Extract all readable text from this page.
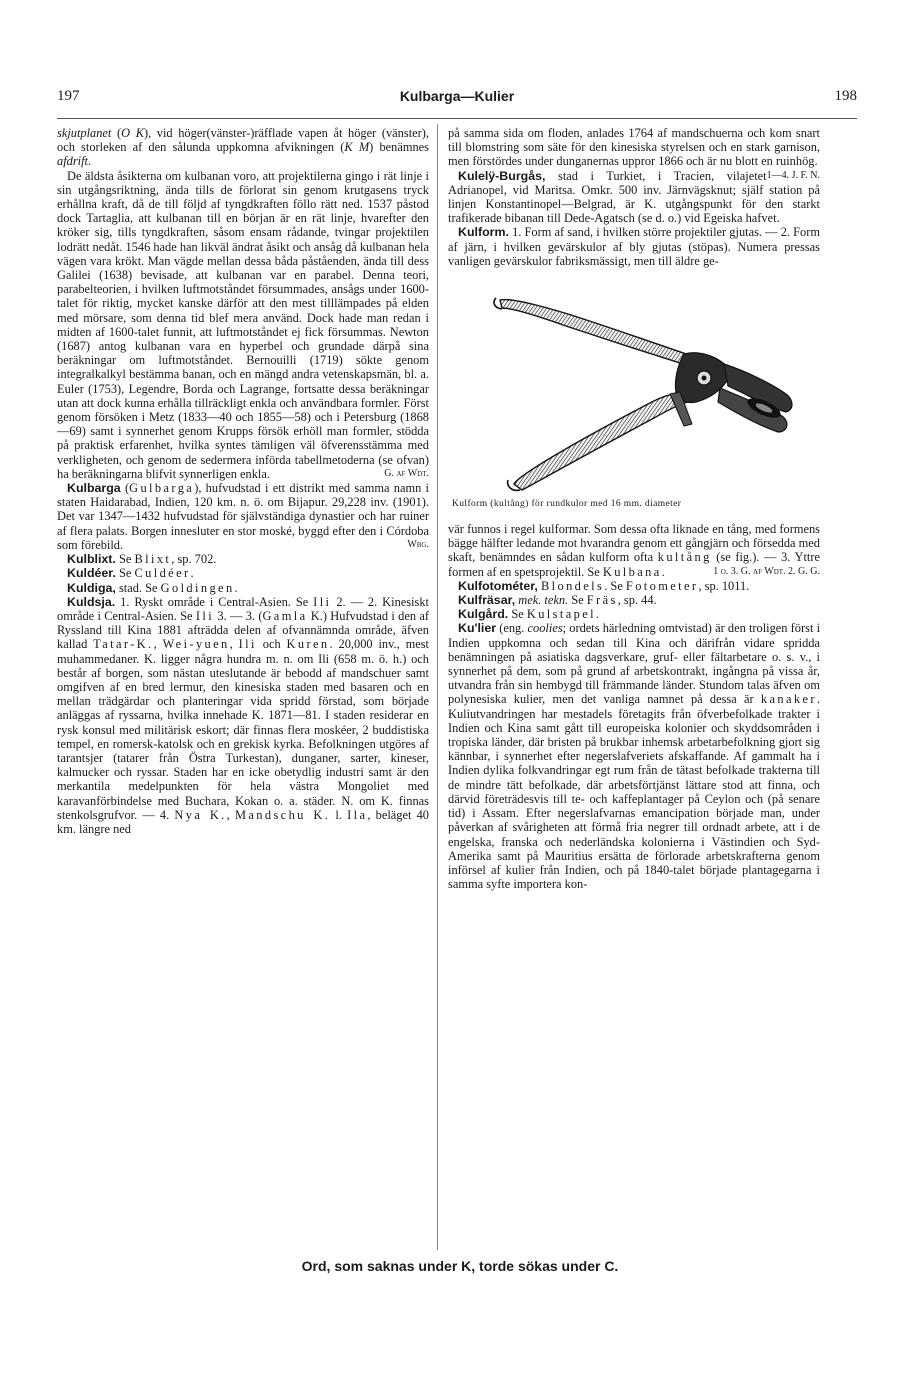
197	Kulbarga—Kulier	198

skjutplanet (O K), vid höger(vänster-)räfflade vapen åt höger (vänster), och storleken af den sålunda uppkomna afvikningen (K M) benämnes afdrift.

De äldsta åsikterna om kulbanan voro, att projektilerna gingo i rät linje i sin utgångsriktning, ända tills de förlorat sin genom krutgasens tryck erhållna kraft, då de till följd af tyngdkraften föllo rätt ned. 1537 påstod dock Tartaglia, att kulbanan till en början är en rät linje, hvarefter den kröker sig, tills tyngdkraften, såsom ensam rådande, tvingar projektilen lodrätt nedåt. 1546 hade han likväl ändrat åsikt och ansåg då kulbanan hela vägen vara krökt. Man vägde mellan dessa båda påståenden, ända till dess Galilei (1638) bevisade, att kulbanan var en parabel. Denna teori, parabelteorien, i hvilken luftmotståndet försummades, ansågs under 1600-talet för riktig, mycket kanske därför att den mest tilllämpades på elden med mörsare, som denna tid blef mera använd. Dock hade man redan i midten af 1600-talet funnit, att luftmotståndet ej fick försummas. Newton (1687) antog kulbanan vara en hyperbel och grundade därpå sina beräkningar om luftmotståndet. Bernouilli (1719) sökte genom integralkalkyl bestämma banan, och en mängd andra vetenskapsmän, bl. a. Euler (1753), Legendre, Borda och Lagrange, fortsatte dessa beräkningar utan att dock kunna erhålla tillräckligt enkla och användbara formler. Först genom försöken i Metz (1833—40 och 1855—58) och i Petersburg (1868—69) samt i synnerhet genom Krupps försök erhöll man formler, stödda på praktisk erfarenhet, hvilka syntes tämligen väl öfverensstämma med verkligheten, och genom de sedermera införda tabellmetoderna (se ofvan) ha beräkningarna blifvit synnerligen enkla.	G. af Wdt.

Kulbarga (Gulbarga), hufvudstad i ett distrikt med samma namn i staten Haidarabad, Indien, 120 km. n. ö. om Bijapur. 29,228 inv. (1901). Det var 1347—1432 hufvudstad för självständiga dynastier och har ruiner af flera palats. Borgen innesluter en stor moské, byggd efter den i Córdoba som förebild.	Wbg.

Kulblixt. Se Blixt, sp. 702.

Kuldéer. Se Culdéer.

Kuldiga, stad. Se Goldingen.

Kuldsja. 1. Ryskt område i Central-Asien. Se Ili 2. — 2. Kinesiskt område i Central-Asien. Se Ili 3. — 3. (Gamla K.) Hufvudstad i den af Ryssland till Kina 1881 afträdda delen af ofvannämnda område, äfven kallad Tatar-K., Wei-yuen, Ili och Kuren. 20,000 inv., mest muhammedaner. K. ligger några hundra m. n. om Ili (658 m. ö. h.) och består af borgen, som nästan uteslutande är bebodd af mandschuer samt omgifven af en bred lermur, den kinesiska staden med basaren och en mellan trädgärdar och planteringar vida spridd förstad, som började anläggas af ryssarna, hvilka innehade K. 1871—81. I staden residerar en rysk konsul med militärisk eskort; där finnas flera moskéer, 2 buddistiska tempel, en romersk-katolsk och en grekisk kyrka. Befolkningen utgöres af tarantsjer (tatarer från Östra Turkestan), dunganer, sarter, kineser, kalmucker och ryssar. Staden har en icke obetydlig industri samt är den merkantila medelpunkten för hela västra Mongoliet med karavanförbindelse med Buchara, Kokan o. a. städer. N. om K. finnas stenkolsgrufvor. — 4. Nya K., Mandschu K. l. Ila, beläget 40 km. längre ned

på samma sida om floden, anlades 1764 af mandschuerna och kom snart till blomstring som säte för den kinesiska styrelsen och en stark garnison, men förstördes under dunganernas uppror 1866 och är nu blott en ruinhög.
1—4. J. F. N.

Kulelÿ-Burgås, stad i Turkiet, i Tracien, vilajetet Adrianopel, vid Maritsa. Omkr. 500 inv. Järnvägsknut; själf station på linjen Konstantinopel—Belgrad, är K. utgångspunkt för den starkt trafikerade bibanan till Dede-Agatsch (se d. o.) vid Egeiska hafvet.

Kulform. 1. Form af sand, i hvilken större projektiler gjutas. — 2. Form af järn, i hvilken gevärskulor af bly gjutas (stöpas). Numera pressas vanligen gevärskulor fabriksmässigt, men till äldre ge-

Kulform (kultång) för rundkulor med 16 mm. diameter

vär funnos i regel kulformar. Som dessa ofta liknade en tång, med formens bägge hälfter ledande mot hvarandra genom ett gångjärn och försedda med skaft, benämndes en sådan kulform ofta kultång (se fig.). — 3. Yttre formen af en spetsprojektil. Se Kulbana.	1 o. 3. G. af Wdt. 2. G. G.

Kulfotométer, Blondels. Se Fotometer, sp. 1011.

Kulfräsar, mek. tekn. Se Fräs, sp. 44.

Kulgård. Se Kulstapel.

Ku'lier (eng. coolies; ordets härledning omtvistad) är den troligen först i Indien uppkomna och sedan till Kina och därifrån vidare spridda benämningen på asiatiska dagsverkare, gruf- eller fältarbetare o. s. v., i synnerhet på dem, som på grund af arbetskontrakt, ingångna på vissa år, utvandra från sin hembygd till främmande länder. Stundom talas äfven om polynesiska kulier, men det vanliga namnet på dessa är kanaker. Kuliutvandringen har mestadels företagits från öfverbefolkade trakter i Indien och Kina samt gått till europeiska kolonier och skyddsområden i tropiska länder, där bristen på brukbar inhemsk arbetarbefolkning gjort sig kännbar, i synnerhet efter negerslafveriets afskaffande. Af gammalt ha i Indien dylika folkvandringar egt rum från de tätast befolkade trakterna till de mindre tätt befolkade, där arbetsförtjänst lättare stod att finna, och därvid företrädesvis till te- och kaffeplantager på Ceylon och (på senare tid) i Assam. Efter negerslafvarnas emancipation började man, under påverkan af svårigheten att förmå fria negrer till ordnadt arbete, att i de engelska, franska och nederländska kolonierna i Västindien och Syd-Amerika samt på Mauritius ersätta de förlorade arbetskrafterna genom införsel af kulier från Indien, och på 1840-talet började plantagegarna i samma syfte importera kon-

Ord, som saknas under K, torde sökas under C.
